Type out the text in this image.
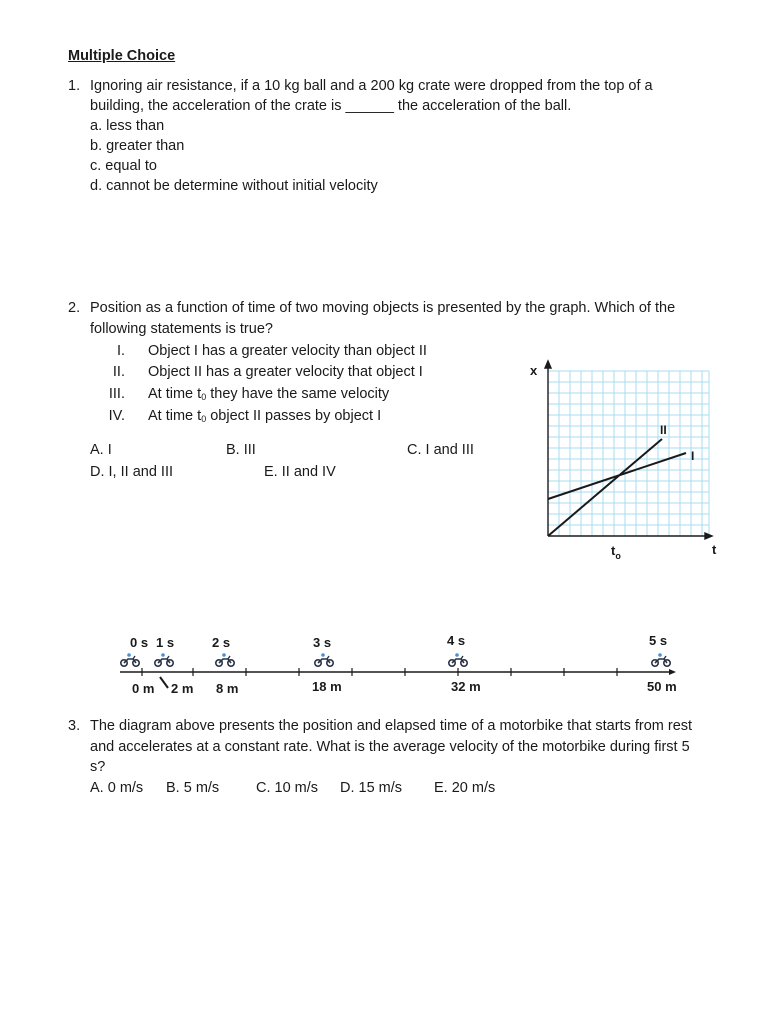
Multiple Choice
1. Ignoring air resistance, if a 10 kg ball and a 200 kg crate were dropped from the top of a
building, the acceleration of the crate is ______ the acceleration of the ball.
a. less than
b. greater than
c. equal to
d. cannot be determine without initial velocity
2. Position as a function of time of two moving objects is presented by the graph. Which of the
following statements is true?
I. Object I has a greater velocity than object II
II. Object II has a greater velocity that object I
III. At time $t_0$ they have the same velocity
IV. At time $t_0$ object II passes by object I
A. I	B. III	C. I and III
D. I, II and III	E. II and IV
x
t
$t_o$
II
I
0 s 1 s	2 s	3 s	4 s	5 s
0 m 2 m 8 m	18 m	32 m	50 m
3. The diagram above presents the position and elapsed time of a motorbike that starts from rest
and accelerates at a constant rate. What is the average velocity of the motorbike during first 5
s?
A. 0 m/s B. 5 m/s	C. 10 m/s D. 15 m/s E. 20 m/s
